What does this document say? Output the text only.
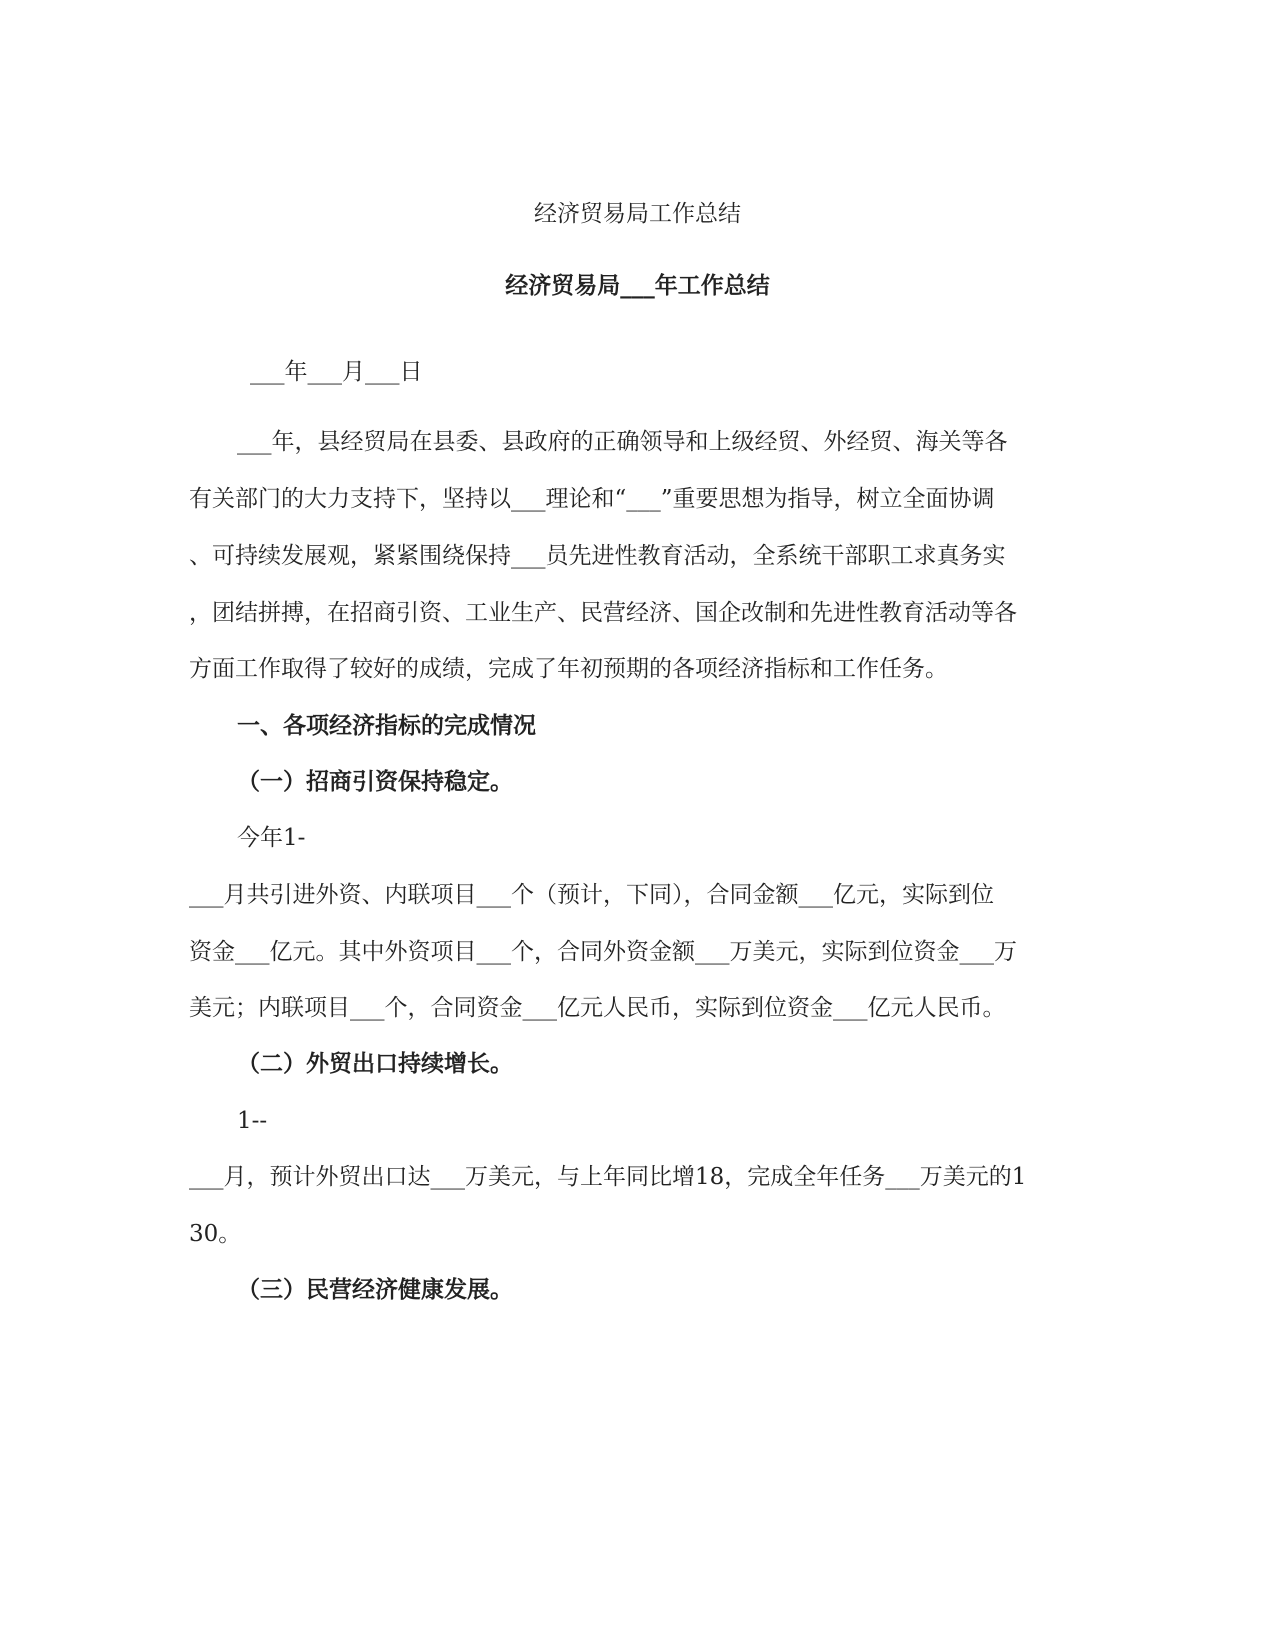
经济贸易局工作总结
经济贸易局___年工作总结
___年___月___日
___年，县经贸局在县委、县政府的正确领导和上级经贸、外经贸、海关等各
有关部门的大力支持下，坚持以___理论和“___”重要思想为指导，树立全面协调
、可持续发展观，紧紧围绕保持___员先进性教育活动，全系统干部职工求真务实
，团结拼搏，在招商引资、工业生产、民营经济、国企改制和先进性教育活动等各
方面工作取得了较好的成绩，完成了年初预期的各项经济指标和工作任务。
一、各项经济指标的完成情况
（一）招商引资保持稳定。
今年1-
___月共引进外资、内联项目___个（预计，下同），合同金额___亿元，实际到位
资金___亿元。其中外资项目___个，合同外资金额___万美元，实际到位资金___万
美元；内联项目___个，合同资金___亿元人民币，实际到位资金___亿元人民币。
（二）外贸出口持续增长。
1--
___月，预计外贸出口达___万美元，与上年同比增18，完成全年任务___万美元的1
30。
（三）民营经济健康发展。
